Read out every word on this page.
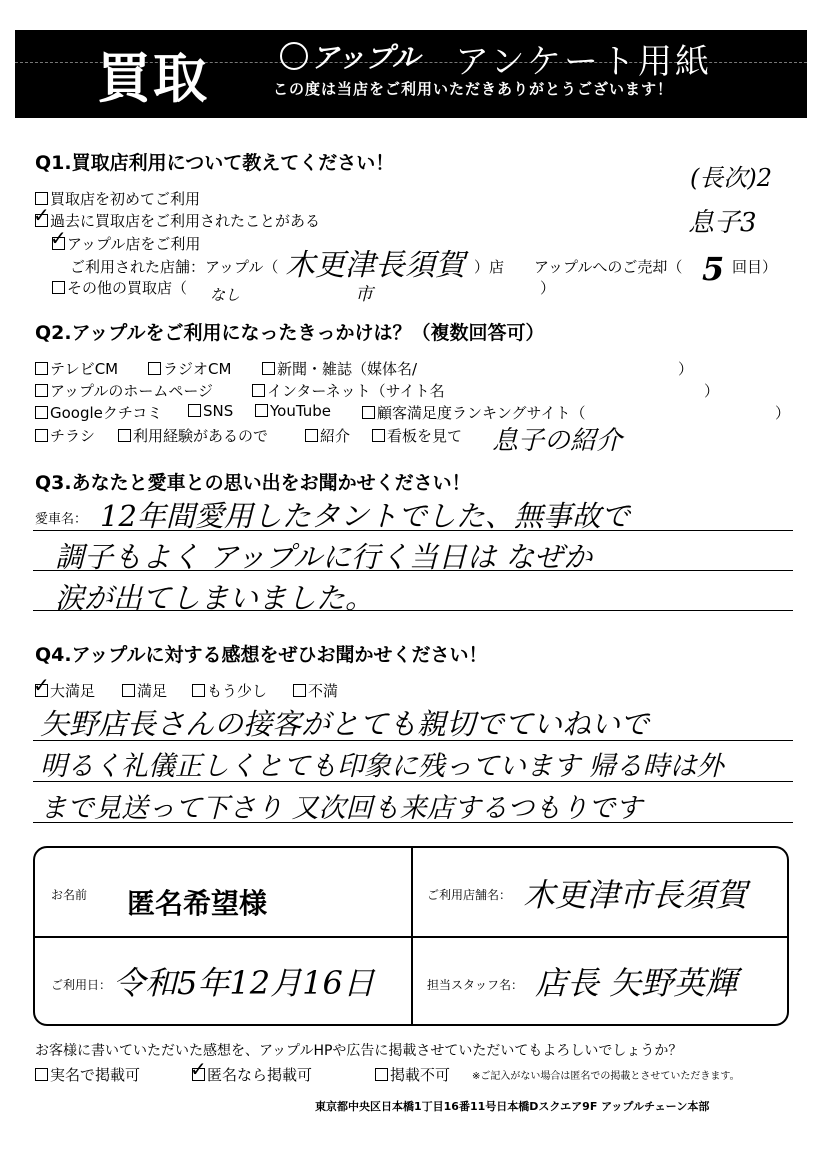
買取	アップル アンケート用紙
この度は当店をご利用いただきありがとうございます！
Q1.買取店利用について教えてください！
買取店を初めてご利用
過去に買取店をご利用されたことがある
✓
アップル店をご利用
✓
ご利用された店舗：アップル（ 木更津長須賀
市
）店 アップルへのご売却（ 5 回目）
その他の買取店（ なし	）
(長次)2
息子3
Q2.アップルをご利用になったきっかけは？（複数回答可）
テレビCM	ラジオCM	新聞・雑誌（媒体名/	）
アップルのホームページ	インターネット（サイト名	）
Googleクチコミ	SNS	YouTube	顧客満足度ランキングサイト（	）
チラシ	利用経験があるので	紹介	看板を見て 息子の紹介
Q3.あなたと愛車との思い出をお聞かせください！
愛車名： 12年間愛用したタントでした、無事故で
調子もよく アップルに行く当日は なぜか
涙が出てしまいました。
Q4.アップルに対する感想をぜひお聞かせください！
大満足
✓	満足	もう少し	不満
矢野店長さんの接客がとても親切でていねいで
明るく礼儀正しくとても印象に残っています 帰る時は外
まで見送って下さり 又次回も来店するつもりです
お名前 匿名希望様	ご利用店舗名： 木更津市長須賀
ご利用日： 令和5年12月16日	担当スタッフ名： 店長 矢野英輝
お客様に書いていただいた感想を、アップルHPや広告に掲載させていただいてもよろしいでしょうか？
実名で掲載可	匿名なら掲載可
✓	掲載不可 ※ご記入がない場合は匿名での掲載とさせていただきます。
東京都中央区日本橋1丁目16番11号日本橋Dスクエア9F アップルチェーン本部
